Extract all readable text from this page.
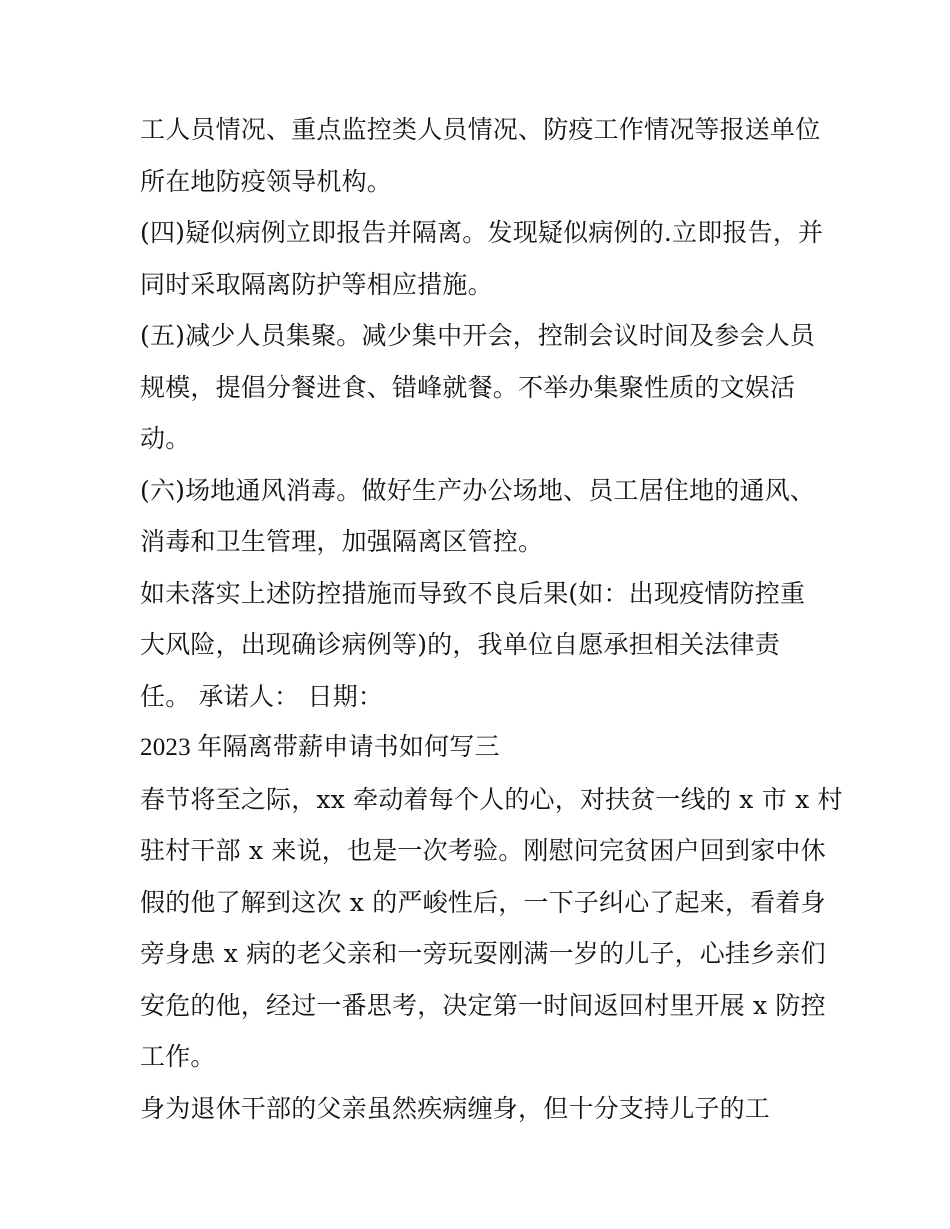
工人员情况、重点监控类人员情况、防疫工作情况等报送单位
所在地防疫领导机构。
(四)疑似病例立即报告并隔离。发现疑似病例的.立即报告，并
同时采取隔离防护等相应措施。
(五)减少人员集聚。减少集中开会，控制会议时间及参会人员
规模，提倡分餐进食、错峰就餐。不举办集聚性质的文娱活
动。
(六)场地通风消毒。做好生产办公场地、员工居住地的通风、
消毒和卫生管理，加强隔离区管控。
如未落实上述防控措施而导致不良后果(如：出现疫情防控重
大风险，出现确诊病例等)的，我单位自愿承担相关法律责
任。 承诺人： 日期：
2023 年隔离带薪申请书如何写三
春节将至之际，xx 牵动着每个人的心，对扶贫一线的 x 市 x 村
驻村干部 x 来说，也是一次考验。刚慰问完贫困户回到家中休
假的他了解到这次 x 的严峻性后，一下子纠心了起来，看着身
旁身患 x 病的老父亲和一旁玩耍刚满一岁的儿子，心挂乡亲们
安危的他，经过一番思考，决定第一时间返回村里开展 x 防控
工作。
身为退休干部的父亲虽然疾病缠身，但十分支持儿子的工
